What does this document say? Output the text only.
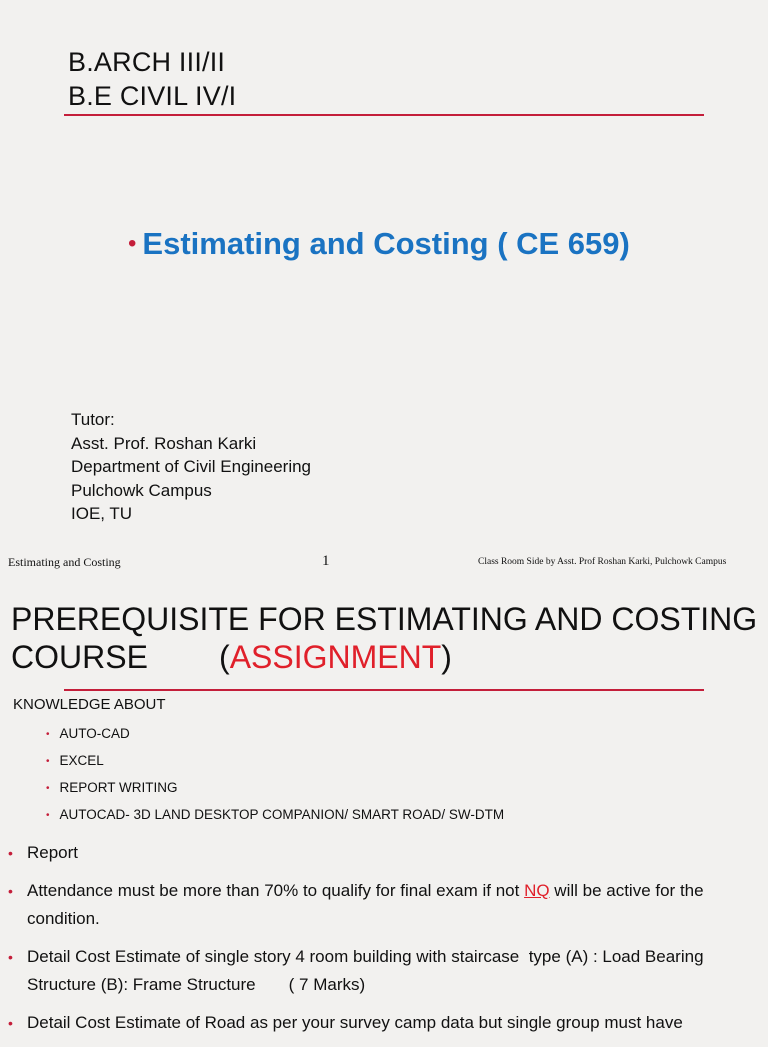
B.ARCH III/II
B.E CIVIL IV/I
• Estimating and Costing ( CE 659)
Tutor:
Asst. Prof. Roshan Karki
Department of Civil Engineering
Pulchowk Campus
IOE, TU
Estimating and Costing	1	Class Room Side by Asst. Prof Roshan Karki, Pulchowk Campus
PREREQUISITE FOR ESTIMATING AND COSTING
COURSE        (ASSIGNMENT)
KNOWLEDGE ABOUT
• AUTO-CAD
• EXCEL
• REPORT WRITING
• AUTOCAD- 3D LAND DESKTOP COMPANION/ SMART ROAD/ SW-DTM
• Report
• Attendance must be more than 70% to qualify for final exam if not NQ will be active for the condition.
• Detail Cost Estimate of single story 4 room building with staircase  type (A) : Load Bearing Structure (B): Frame Structure       ( 7 Marks)
• Detail Cost Estimate of Road as per your survey camp data but single group must have
